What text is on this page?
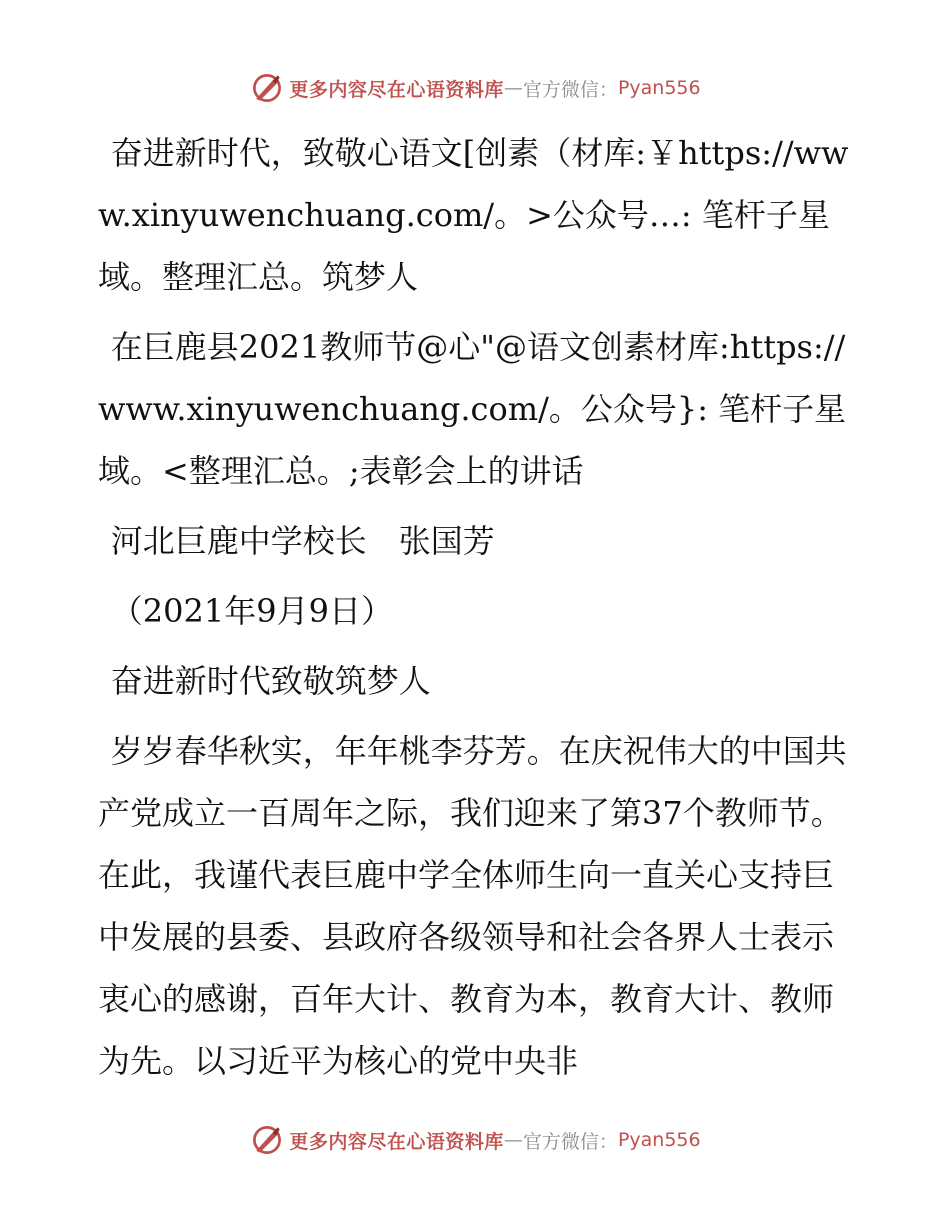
更多内容尽在心语资料库 — 官方微信： Pyan556

奋进新时代，致敬心语文[创素（材库:￥https://www.xinyuwenchuang.com/。>公众号…: 笔杆子星域。整理汇总。筑梦人

在巨鹿县2021教师节@心"@语文创素材库:https://www.xinyuwenchuang.com/。公众号}: 笔杆子星域。<整理汇总。;表彰会上的讲话

河北巨鹿中学校长　张国芳

（2021年9月9日）

奋进新时代致敬筑梦人

岁岁春华秋实，年年桃李芬芳。在庆祝伟大的中国共产党成立一百周年之际，我们迎来了第37个教师节。在此，我谨代表巨鹿中学全体师生向一直关心支持巨中发展的县委、县政府各级领导和社会各界人士表示衷心的感谢，百年大计、教育为本，教育大计、教师为先。以习近平为核心的党中央非

更多内容尽在心语资料库 — 官方微信： Pyan556
